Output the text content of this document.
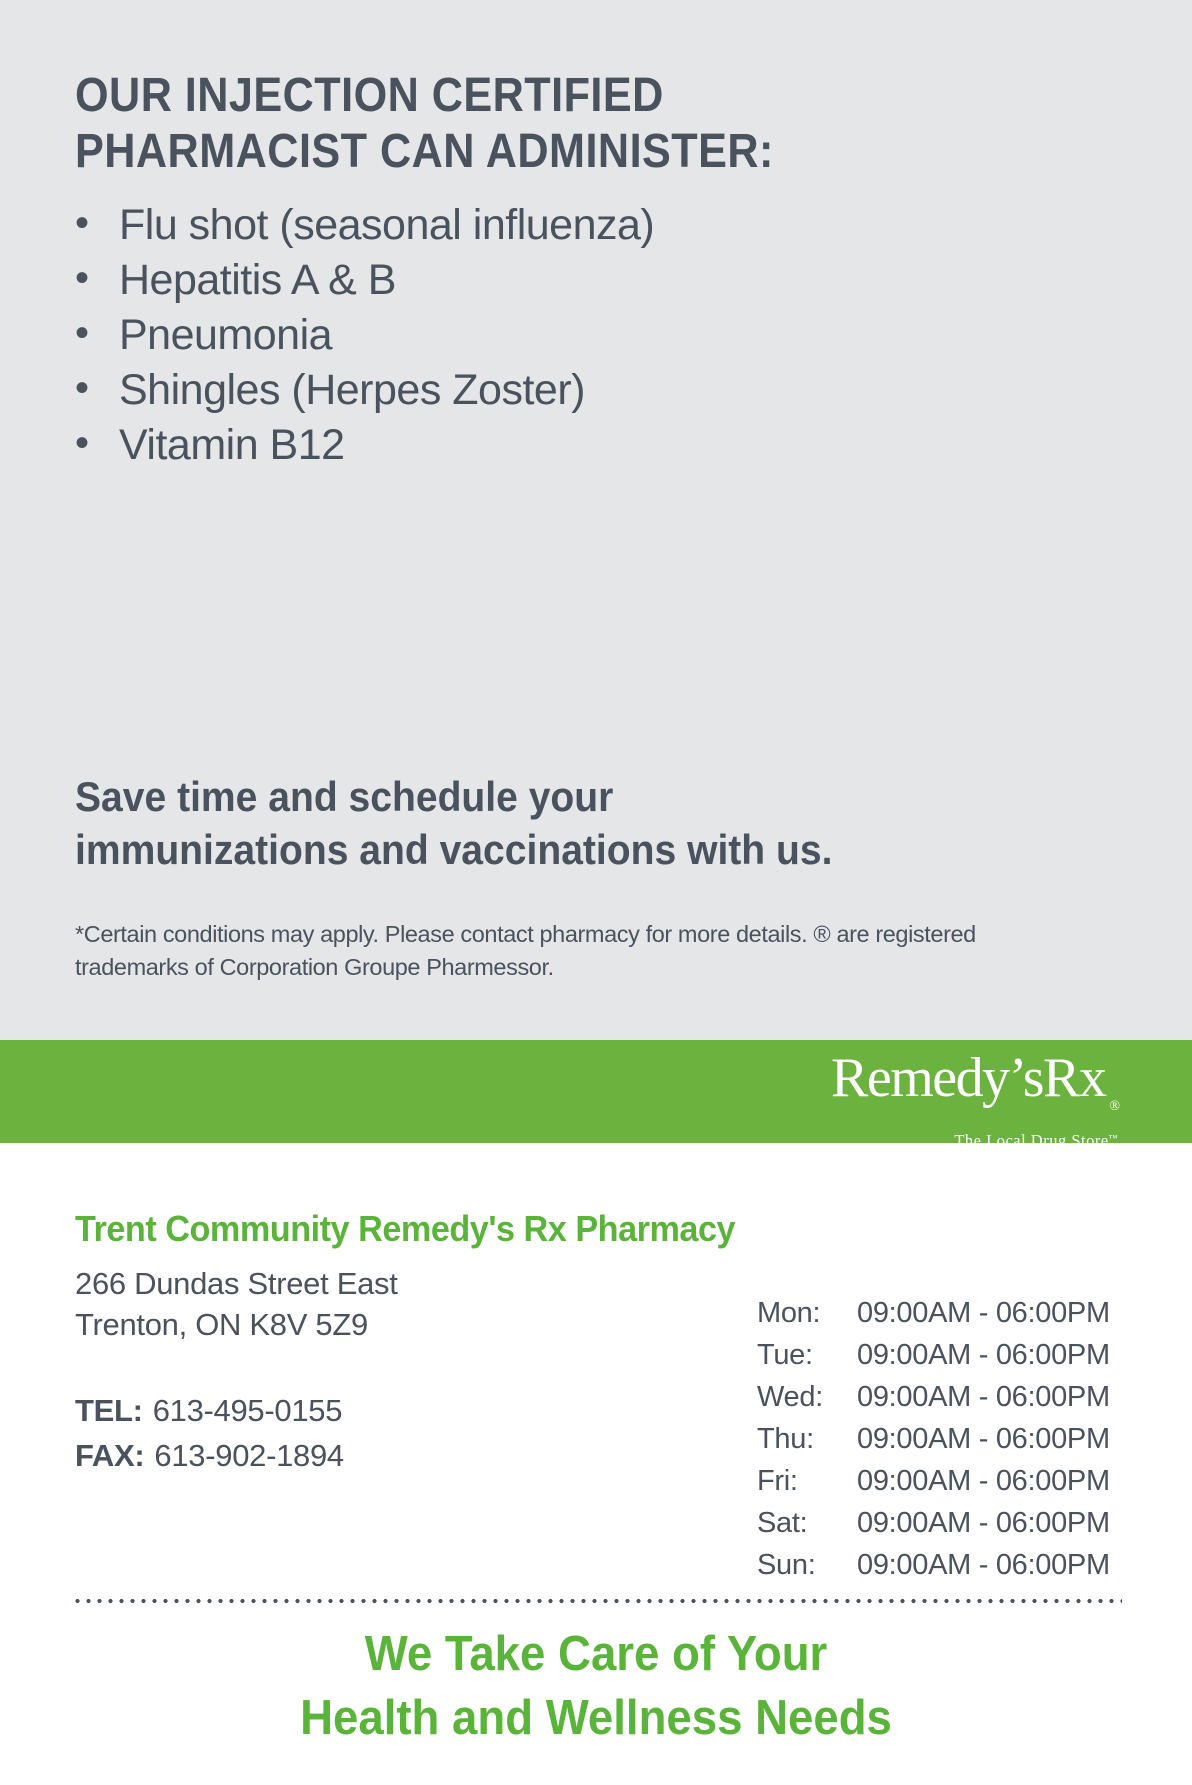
OUR INJECTION CERTIFIED
PHARMACIST CAN ADMINISTER:
• Flu shot (seasonal influenza)
• Hepatitis A & B
• Pneumonia
• Shingles (Herpes Zoster)
• Vitamin B12
Save time and schedule your
immunizations and vaccinations with us.

*Certain conditions may apply. Please contact pharmacy for more details. ® are registered trademarks of Corporation Groupe Pharmessor.

Remedy’sRx ®
The Local Drug Store™
Trent Community Remedy's Rx Pharmacy

266 Dundas Street East
Trenton, ON K8V 5Z9

TEL: 613-495-0155
FAX: 613-902-1894
Mon:	09:00AM - 06:00PM
Tue:	09:00AM - 06:00PM
Wed:	09:00AM - 06:00PM
Thu:	09:00AM - 06:00PM
Fri:	09:00AM - 06:00PM
Sat:	09:00AM - 06:00PM
Sun:	09:00AM - 06:00PM
We Take Care of Your
Health and Wellness Needs
